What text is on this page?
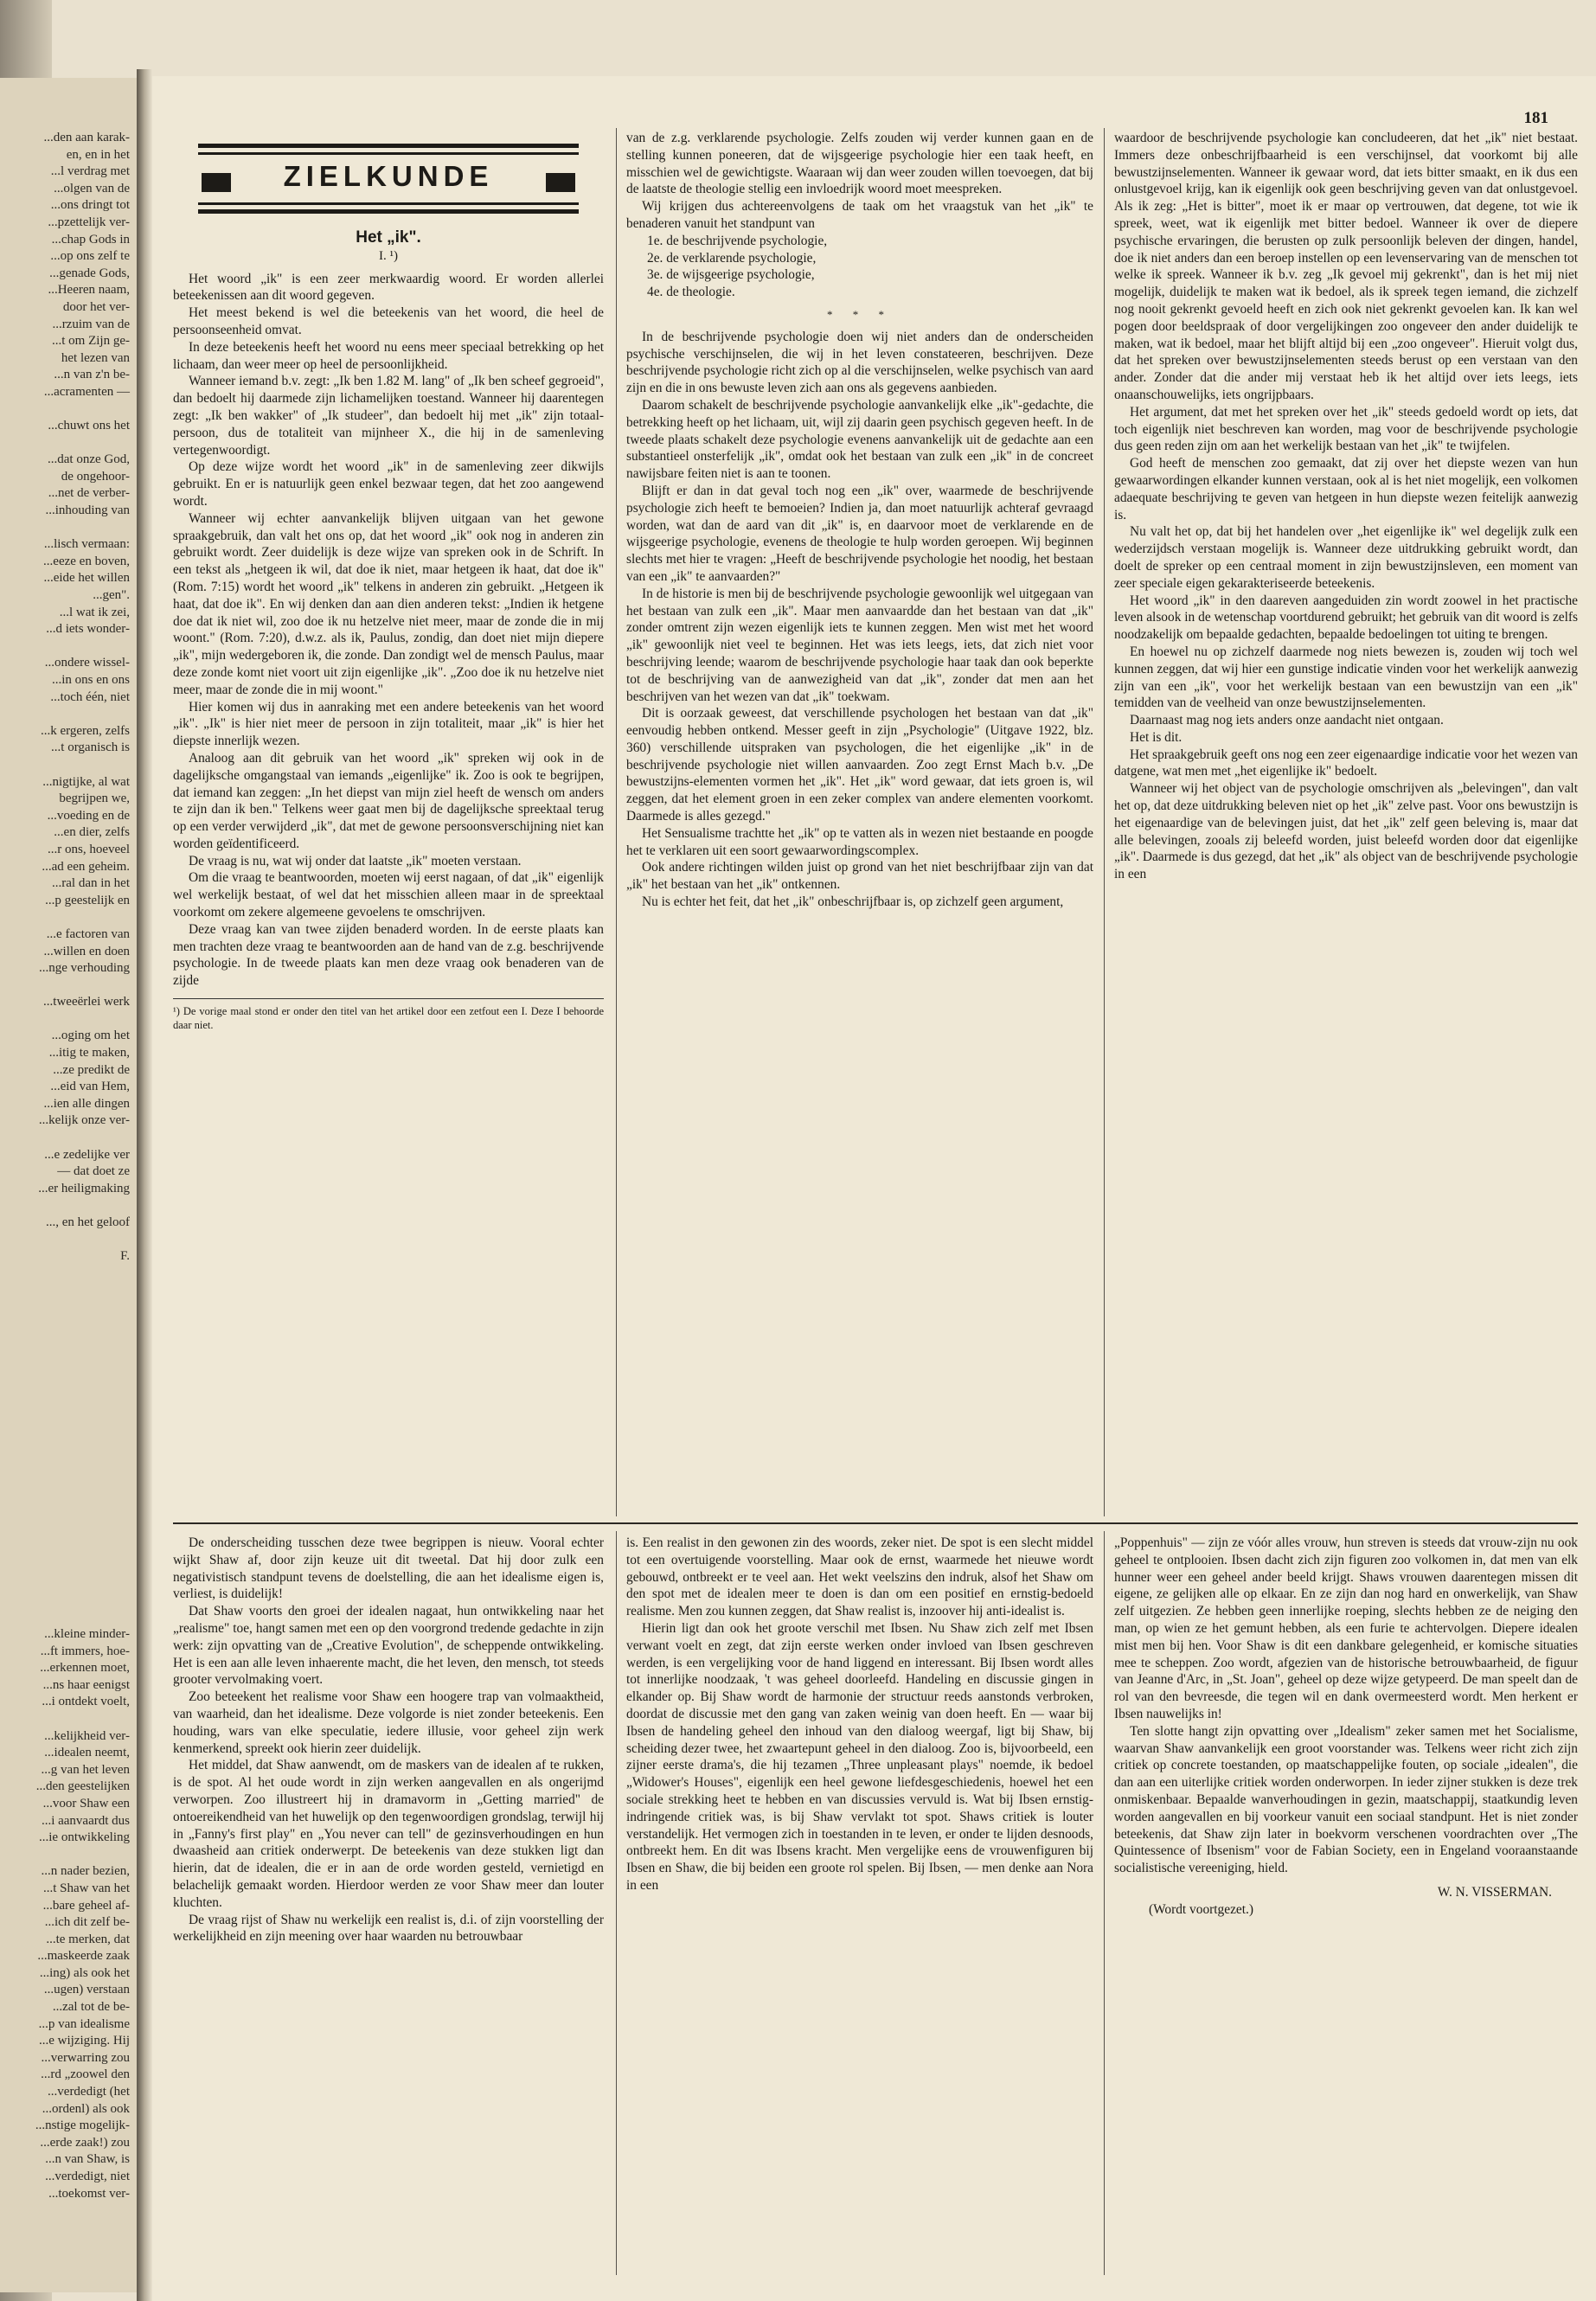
...den aan karak-

en, en in het

...l verdrag met

...olgen van de

...ons dringt tot

...pzettelijk ver-

...chap Gods in

...op ons zelf te

...genade Gods,

...Heeren naam,

door het ver-

...rzuim van de

...t om Zijn ge-

het lezen van

...n van z'n be-

...acramenten —

...chuwt ons het

...dat onze God,

de ongehoor-

...net de verber-

...inhouding van

...lisch vermaan:

...eeze en boven,

...eide het willen

...gen".

...l wat ik zei,

...d iets wonder-

...ondere wissel-

...in ons en ons

...toch één, niet

...k ergeren, zelfs

...t organisch is

...nigtijke, al wat

begrijpen we,

...voeding en de

...en dier, zelfs

...r ons, hoeveel

...ad een geheim.

...ral dan in het

...p geestelijk en

...e factoren van

...willen en doen

...nge verhouding

...tweeërlei werk

...oging om het

...itig te maken,

...ze predikt de

...eid van Hem,

...ien alle dingen

...kelijk onze ver-

...e zedelijke ver

— dat doet ze

...er heiligmaking

..., en het geloof

F.

...kleine minder-

...ft immers, hoe-

...erkennen moet,

...ns haar eenigst

...i ontdekt voelt,

...kelijkheid ver-

...idealen neemt,

...g van het leven

...den geestelijken

...voor Shaw een

...i aanvaardt dus

...ie ontwikkeling

...n nader bezien,

...t Shaw van het

...bare geheel af-

...ich dit zelf be-

...te merken, dat

...maskeerde zaak

...ing) als ook het

...ugen) verstaan

...zal tot de be-

...p van idealisme

...e wijziging. Hij

...verwarring zou

...rd „zoowel den

...verdedigt (het

...ordenl) als ook

...nstige mogelijk-

...erde zaak!) zou

...n van Shaw, is

...verdedigt, niet

...toekomst ver-

181
ZIELKUNDE
Het „ik".
I. ¹)

Het woord „ik" is een zeer merkwaardig woord. Er worden allerlei beteekenissen aan dit woord gegeven.

Het meest bekend is wel die beteekenis van het woord, die heel de persoonseenheid omvat.

In deze beteekenis heeft het woord nu eens meer speciaal betrekking op het lichaam, dan weer meer op heel de persoonlijkheid.

Wanneer iemand b.v. zegt: „Ik ben 1.82 M. lang" of „Ik ben scheef gegroeid", dan bedoelt hij daarmede zijn lichamelijken toestand. Wanneer hij daarentegen zegt: „Ik ben wakker" of „Ik studeer", dan bedoelt hij met „ik" zijn totaal-persoon, dus de totaliteit van mijnheer X., die hij in de samenleving vertegenwoordigt.

Op deze wijze wordt het woord „ik" in de samenleving zeer dikwijls gebruikt. En er is natuurlijk geen enkel bezwaar tegen, dat het zoo aangewend wordt.

Wanneer wij echter aanvankelijk blijven uitgaan van het gewone spraakgebruik, dan valt het ons op, dat het woord „ik" ook nog in anderen zin gebruikt wordt. Zeer duidelijk is deze wijze van spreken ook in de Schrift. In een tekst als „hetgeen ik wil, dat doe ik niet, maar hetgeen ik haat, dat doe ik" (Rom. 7:15) wordt het woord „ik" telkens in anderen zin gebruikt. „Hetgeen ik haat, dat doe ik". En wij denken dan aan dien anderen tekst: „Indien ik hetgene doe dat ik niet wil, zoo doe ik nu hetzelve niet meer, maar de zonde die in mij woont." (Rom. 7:20), d.w.z. als ik, Paulus, zondig, dan doet niet mijn diepere „ik", mijn wedergeboren ik, die zonde. Dan zondigt wel de mensch Paulus, maar deze zonde komt niet voort uit zijn eigenlijke „ik". „Zoo doe ik nu hetzelve niet meer, maar de zonde die in mij woont."

Hier komen wij dus in aanraking met een andere beteekenis van het woord „ik". „Ik" is hier niet meer de persoon in zijn totaliteit, maar „ik" is hier het diepste innerlijk wezen.

Analoog aan dit gebruik van het woord „ik" spreken wij ook in de dagelijksche omgangstaal van iemands „eigenlijke" ik. Zoo is ook te begrijpen, dat iemand kan zeggen: „In het diepst van mijn ziel heeft de wensch om anders te zijn dan ik ben." Telkens weer gaat men bij de dagelijksche spreektaal terug op een verder verwijderd „ik", dat met de gewone persoonsverschijning niet kan worden geïdentificeerd.

De vraag is nu, wat wij onder dat laatste „ik" moeten verstaan.

Om die vraag te beantwoorden, moeten wij eerst nagaan, of dat „ik" eigenlijk wel werkelijk bestaat, of wel dat het misschien alleen maar in de spreektaal voorkomt om zekere algemeene gevoelens te omschrijven.

Deze vraag kan van twee zijden benaderd worden. In de eerste plaats kan men trachten deze vraag te beantwoorden aan de hand van de z.g. beschrijvende psychologie. In de tweede plaats kan men deze vraag ook benaderen van de zijde

¹) De vorige maal stond er onder den titel van het artikel door een zetfout een I. Deze I behoorde daar niet.

van de z.g. verklarende psychologie. Zelfs zouden wij verder kunnen gaan en de stelling kunnen poneeren, dat de wijsgeerige psychologie hier een taak heeft, en misschien wel de gewichtigste. Waaraan wij dan weer zouden willen toevoegen, dat bij de laatste de theologie stellig een invloedrijk woord moet meespreken.

Wij krijgen dus achtereenvolgens de taak om het vraagstuk van het „ik" te benaderen vanuit het standpunt van

1e. de beschrijvende psychologie,

2e. de verklarende psychologie,

3e. de wijsgeerige psychologie,

4e. de theologie.

* * *

In de beschrijvende psychologie doen wij niet anders dan de onderscheiden psychische verschijnselen, die wij in het leven constateeren, beschrijven. Deze beschrijvende psychologie richt zich op al die verschijnselen, welke psychisch van aard zijn en die in ons bewuste leven zich aan ons als gegevens aanbieden.

Daarom schakelt de beschrijvende psychologie aanvankelijk elke „ik"-gedachte, die betrekking heeft op het lichaam, uit, wijl zij daarin geen psychisch gegeven heeft. In de tweede plaats schakelt deze psychologie evenens aanvankelijk uit de gedachte aan een substantieel onsterfelijk „ik", omdat ook het bestaan van zulk een „ik" in de concreet nawijsbare feiten niet is aan te toonen.

Blijft er dan in dat geval toch nog een „ik" over, waarmede de beschrijvende psychologie zich heeft te bemoeien? Indien ja, dan moet natuurlijk achteraf gevraagd worden, wat dan de aard van dit „ik" is, en daarvoor moet de verklarende en de wijsgeerige psychologie, evenens de theologie te hulp worden geroepen. Wij beginnen slechts met hier te vragen: „Heeft de beschrijvende psychologie het noodig, het bestaan van een „ik" te aanvaarden?"

In de historie is men bij de beschrijvende psychologie gewoonlijk wel uitgegaan van het bestaan van zulk een „ik". Maar men aanvaardde dan het bestaan van dat „ik" zonder omtrent zijn wezen eigenlijk iets te kunnen zeggen. Men wist met het woord „ik" gewoonlijk niet veel te beginnen. Het was iets leegs, iets, dat zich niet voor beschrijving leende; waarom de beschrijvende psychologie haar taak dan ook beperkte tot de beschrijving van de aanwezigheid van dat „ik", zonder dat men aan het beschrijven van het wezen van dat „ik" toekwam.

Dit is oorzaak geweest, dat verschillende psychologen het bestaan van dat „ik" eenvoudig hebben ontkend. Messer geeft in zijn „Psychologie" (Uitgave 1922, blz. 360) verschillende uitspraken van psychologen, die het eigenlijke „ik" in de beschrijvende psychologie niet willen aanvaarden. Zoo zegt Ernst Mach b.v. „De bewustzijns-elementen vormen het „ik". Het „ik" word gewaar, dat iets groen is, wil zeggen, dat het element groen in een zeker complex van andere elementen voorkomt. Daarmede is alles gezegd."

Het Sensualisme trachtte het „ik" op te vatten als in wezen niet bestaande en poogde het te verklaren uit een soort gewaarwordingscomplex.

Ook andere richtingen wilden juist op grond van het niet beschrijfbaar zijn van dat „ik" het bestaan van het „ik" ontkennen.

Nu is echter het feit, dat het „ik" onbeschrijfbaar is, op zichzelf geen argument,

waardoor de beschrijvende psychologie kan concludeeren, dat het „ik" niet bestaat. Immers deze onbeschrijfbaarheid is een verschijnsel, dat voorkomt bij alle bewustzijnselementen. Wanneer ik gewaar word, dat iets bitter smaakt, en ik dus een onlustgevoel krijg, kan ik eigenlijk ook geen beschrijving geven van dat onlustgevoel. Als ik zeg: „Het is bitter", moet ik er maar op vertrouwen, dat degene, tot wie ik spreek, weet, wat ik eigenlijk met bitter bedoel. Wanneer ik over de diepere psychische ervaringen, die berusten op zulk persoonlijk beleven der dingen, handel, doe ik niet anders dan een beroep instellen op een levenservaring van de menschen tot welke ik spreek. Wanneer ik b.v. zeg „Ik gevoel mij gekrenkt", dan is het mij niet mogelijk, duidelijk te maken wat ik bedoel, als ik spreek tegen iemand, die zichzelf nog nooit gekrenkt gevoeld heeft en zich ook niet gekrenkt gevoelen kan. Ik kan wel pogen door beeldspraak of door vergelijkingen zoo ongeveer den ander duidelijk te maken, wat ik bedoel, maar het blijft altijd bij een „zoo ongeveer". Hieruit volgt dus, dat het spreken over bewustzijnselementen steeds berust op een verstaan van den ander. Zonder dat die ander mij verstaat heb ik het altijd over iets leegs, iets onaanschouwelijks, iets ongrijpbaars.

Het argument, dat met het spreken over het „ik" steeds gedoeld wordt op iets, dat toch eigenlijk niet beschreven kan worden, mag voor de beschrijvende psychologie dus geen reden zijn om aan het werkelijk bestaan van het „ik" te twijfelen.

God heeft de menschen zoo gemaakt, dat zij over het diepste wezen van hun gewaarwordingen elkander kunnen verstaan, ook al is het niet mogelijk, een volkomen adaequate beschrijving te geven van hetgeen in hun diepste wezen feitelijk aanwezig is.

Nu valt het op, dat bij het handelen over „het eigenlijke ik" wel degelijk zulk een wederzijdsch verstaan mogelijk is. Wanneer deze uitdrukking gebruikt wordt, dan doelt de spreker op een centraal moment in zijn bewustzijnsleven, een moment van zeer speciale eigen gekarakteriseerde beteekenis.

Het woord „ik" in den daareven aangeduiden zin wordt zoowel in het practische leven alsook in de wetenschap voortdurend gebruikt; het gebruik van dit woord is zelfs noodzakelijk om bepaalde gedachten, bepaalde bedoelingen tot uiting te brengen.

En hoewel nu op zichzelf daarmede nog niets bewezen is, zouden wij toch wel kunnen zeggen, dat wij hier een gunstige indicatie vinden voor het werkelijk aanwezig zijn van een „ik", voor het werkelijk bestaan van een bewustzijn van een „ik" temidden van de veelheid van onze bewustzijnselementen.

Daarnaast mag nog iets anders onze aandacht niet ontgaan.

Het is dit.

Het spraakgebruik geeft ons nog een zeer eigenaardige indicatie voor het wezen van datgene, wat men met „het eigenlijke ik" bedoelt.

Wanneer wij het object van de psychologie omschrijven als „belevingen", dan valt het op, dat deze uitdrukking beleven niet op het „ik" zelve past. Voor ons bewustzijn is het eigenaardige van de belevingen juist, dat het „ik" zelf geen beleving is, maar dat alle belevingen, zooals zij beleefd worden, juist beleefd worden door dat eigenlijke „ik". Daarmede is dus gezegd, dat het „ik" als object van de beschrijvende psychologie in een

De onderscheiding tusschen deze twee begrippen is nieuw. Vooral echter wijkt Shaw af, door zijn keuze uit dit tweetal. Dat hij door zulk een negativistisch standpunt tevens de doelstelling, die aan het idealisme eigen is, verliest, is duidelijk!

Dat Shaw voorts den groei der idealen nagaat, hun ontwikkeling naar het „realisme" toe, hangt samen met een op den voorgrond tredende gedachte in zijn werk: zijn opvatting van de „Creative Evolution", de scheppende ontwikkeling. Het is een aan alle leven inhaerente macht, die het leven, den mensch, tot steeds grooter vervolmaking voert.

Zoo beteekent het realisme voor Shaw een hoogere trap van volmaaktheid, van waarheid, dan het idealisme. Deze volgorde is niet zonder beteekenis. Een houding, wars van elke speculatie, iedere illusie, voor geheel zijn werk kenmerkend, spreekt ook hierin zeer duidelijk.

Het middel, dat Shaw aanwendt, om de maskers van de idealen af te rukken, is de spot. Al het oude wordt in zijn werken aangevallen en als ongerijmd verworpen. Zoo illustreert hij in dramavorm in „Getting married" de ontoereikendheid van het huwelijk op den tegenwoordigen grondslag, terwijl hij in „Fanny's first play" en „You never can tell" de gezinsverhoudingen en hun dwaasheid aan critiek onderwerpt. De beteekenis van deze stukken ligt dan hierin, dat de idealen, die er in aan de orde worden gesteld, vernietigd en belachelijk gemaakt worden. Hierdoor werden ze voor Shaw meer dan louter kluchten.

De vraag rijst of Shaw nu werkelijk een realist is, d.i. of zijn voorstelling der werkelijkheid en zijn meening over haar waarden nu betrouwbaar

is. Een realist in den gewonen zin des woords, zeker niet. De spot is een slecht middel tot een overtuigende voorstelling. Maar ook de ernst, waarmede het nieuwe wordt gebouwd, ontbreekt er te veel aan. Het wekt veelszins den indruk, alsof het Shaw om den spot met de idealen meer te doen is dan om een positief en ernstig-bedoeld realisme. Men zou kunnen zeggen, dat Shaw realist is, inzoover hij anti-idealist is.

Hierin ligt dan ook het groote verschil met Ibsen. Nu Shaw zich zelf met Ibsen verwant voelt en zegt, dat zijn eerste werken onder invloed van Ibsen geschreven werden, is een vergelijking voor de hand liggend en interessant. Bij Ibsen wordt alles tot innerlijke noodzaak, 't was geheel doorleefd. Handeling en discussie gingen in elkander op. Bij Shaw wordt de harmonie der structuur reeds aanstonds verbroken, doordat de discussie met den gang van zaken weinig van doen heeft. En — waar bij Ibsen de handeling geheel den inhoud van den dialoog weergaf, ligt bij Shaw, bij scheiding dezer twee, het zwaartepunt geheel in den dialoog. Zoo is, bijvoorbeeld, een zijner eerste drama's, die hij tezamen „Three unpleasant plays" noemde, ik bedoel „Widower's Houses", eigenlijk een heel gewone liefdesgeschiedenis, hoewel het een sociale strekking heet te hebben en van discussies vervuld is. Wat bij Ibsen ernstig-indringende critiek was, is bij Shaw vervlakt tot spot. Shaws critiek is louter verstandelijk. Het vermogen zich in toestanden in te leven, er onder te lijden desnoods, ontbreekt hem. En dit was Ibsens kracht. Men vergelijke eens de vrouwenfiguren bij Ibsen en Shaw, die bij beiden een groote rol spelen. Bij Ibsen, — men denke aan Nora in een

„Poppenhuis" — zijn ze vóór alles vrouw, hun streven is steeds dat vrouw-zijn nu ook geheel te ontplooien. Ibsen dacht zich zijn figuren zoo volkomen in, dat men van elk hunner weer een geheel ander beeld krijgt. Shaws vrouwen daarentegen missen dit eigene, ze gelijken alle op elkaar. En ze zijn dan nog hard en onwerkelijk, van Shaw zelf uitgezien. Ze hebben geen innerlijke roeping, slechts hebben ze de neiging den man, op wien ze het gemunt hebben, als een furie te achtervolgen. Diepere idealen mist men bij hen. Voor Shaw is dit een dankbare gelegenheid, er komische situaties mee te scheppen. Zoo wordt, afgezien van de historische betrouwbaarheid, de figuur van Jeanne d'Arc, in „St. Joan", geheel op deze wijze getypeerd. De man speelt dan de rol van den bevreesde, die tegen wil en dank overmeesterd wordt. Men herkent er Ibsen nauwelijks in!

Ten slotte hangt zijn opvatting over „Idealism" zeker samen met het Socialisme, waarvan Shaw aanvankelijk een groot voorstander was. Telkens weer richt zich zijn critiek op concrete toestanden, op maatschappelijke fouten, op sociale „idealen", die dan aan een uiterlijke critiek worden onderworpen. In ieder zijner stukken is deze trek onmiskenbaar. Bepaalde wanverhoudingen in gezin, maatschappij, staatkundig leven worden aangevallen en bij voorkeur vanuit een sociaal standpunt. Het is niet zonder beteekenis, dat Shaw zijn later in boekvorm verschenen voordrachten over „The Quintessence of Ibsenism" voor de Fabian Society, een in Engeland vooraanstaande socialistische vereeniging, hield.

W. N. VISSERMAN.
(Wordt voortgezet.)
